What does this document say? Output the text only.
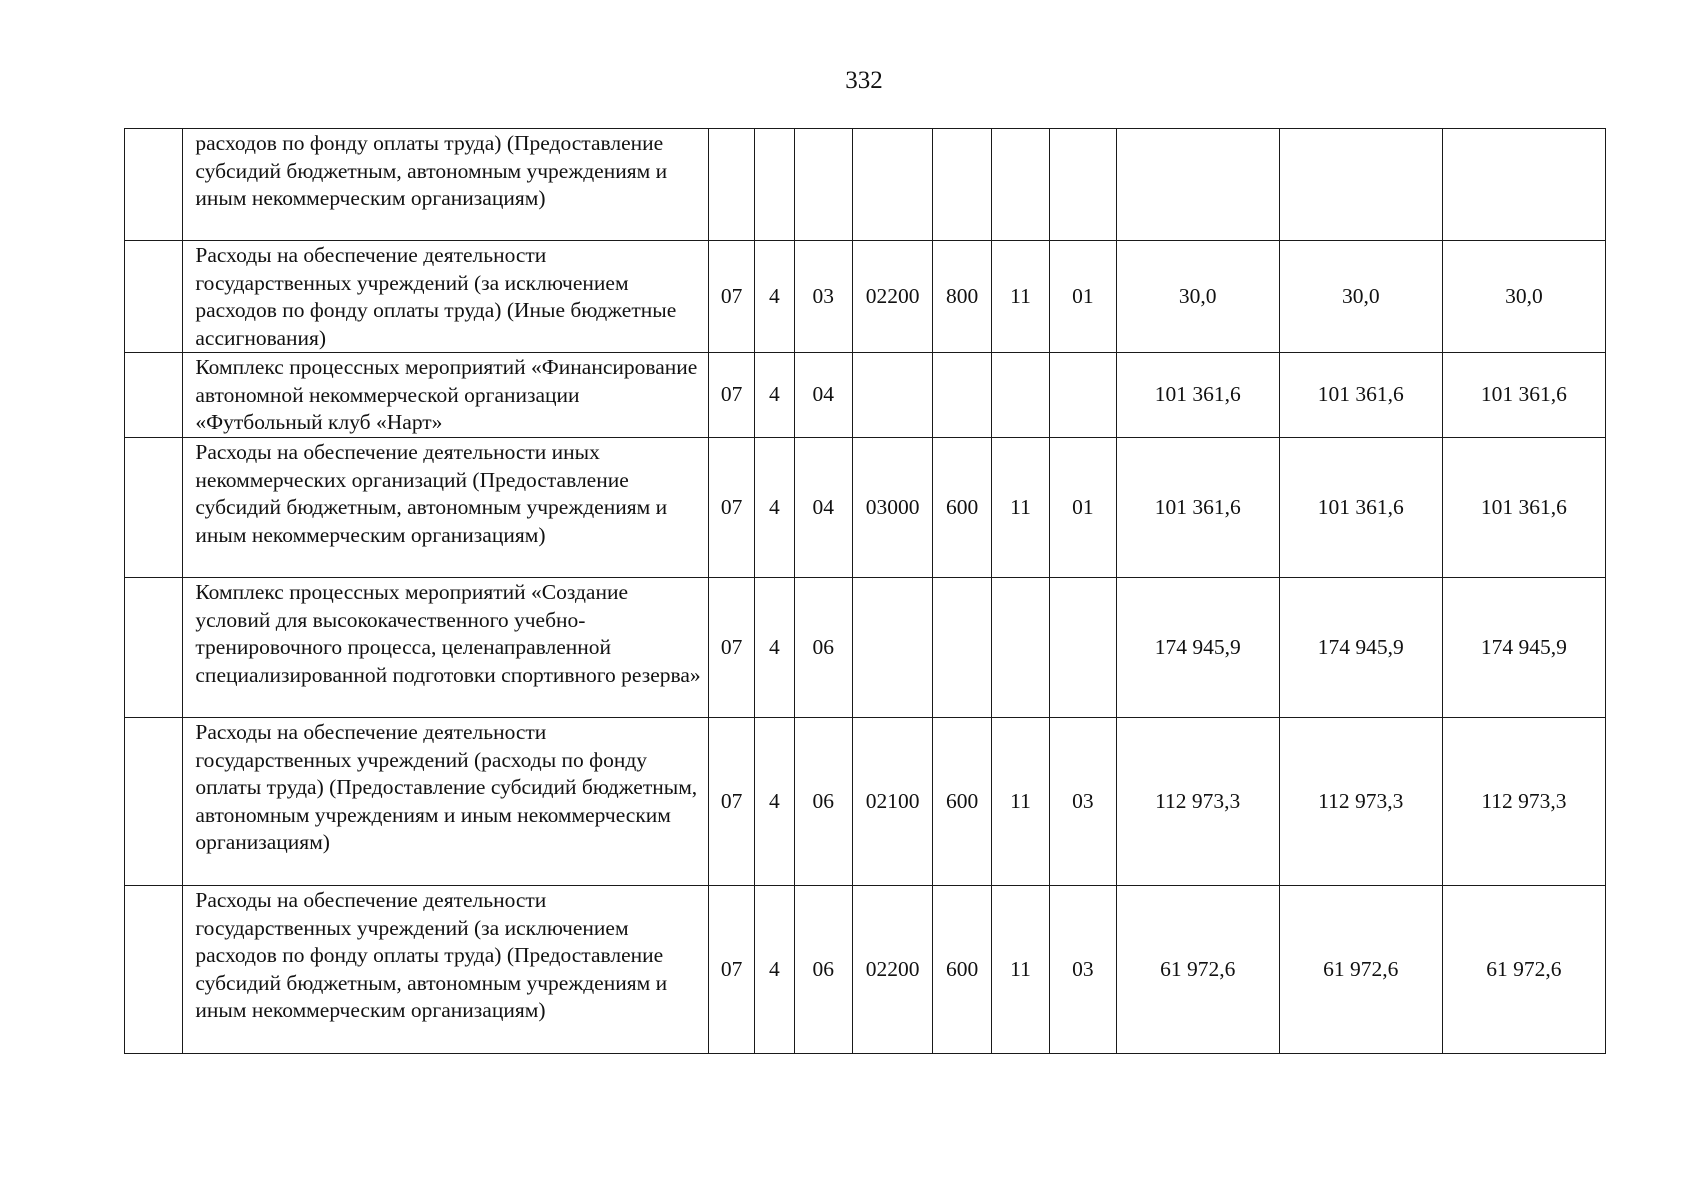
332
	расходов по фонду оплаты труда) (Предоставление субсидий бюджетным, автономным учреждениям и иным некоммерческим организациям)										
	Расходы на обеспечение деятельности государственных учреждений (за исключением расходов по фонду оплаты труда) (Иные бюджетные ассигнования)	07	4	03	02200	800	11	01	30,0	30,0	30,0
	Комплекс процессных мероприятий «Финансирование автономной некоммерческой организации «Футбольный клуб «Нарт»	07	4	04					101 361,6	101 361,6	101 361,6
	Расходы на обеспечение деятельности иных некоммерческих организаций (Предоставление субсидий бюджетным, автономным учреждениям и иным некоммерческим организациям)	07	4	04	03000	600	11	01	101 361,6	101 361,6	101 361,6
	Комплекс процессных мероприятий «Создание условий для высококачественного учебно-тренировочного процесса, целенаправленной специализированной подготовки спортивного резерва»	07	4	06					174 945,9	174 945,9	174 945,9
	Расходы на обеспечение деятельности государственных учреждений (расходы по фонду оплаты труда) (Предоставление субсидий бюджетным, автономным учреждениям и иным некоммерческим организациям)	07	4	06	02100	600	11	03	112 973,3	112 973,3	112 973,3
	Расходы на обеспечение деятельности государственных учреждений (за исключением расходов по фонду оплаты труда) (Предоставление субсидий бюджетным, автономным учреждениям и иным некоммерческим организациям)	07	4	06	02200	600	11	03	61 972,6	61 972,6	61 972,6
